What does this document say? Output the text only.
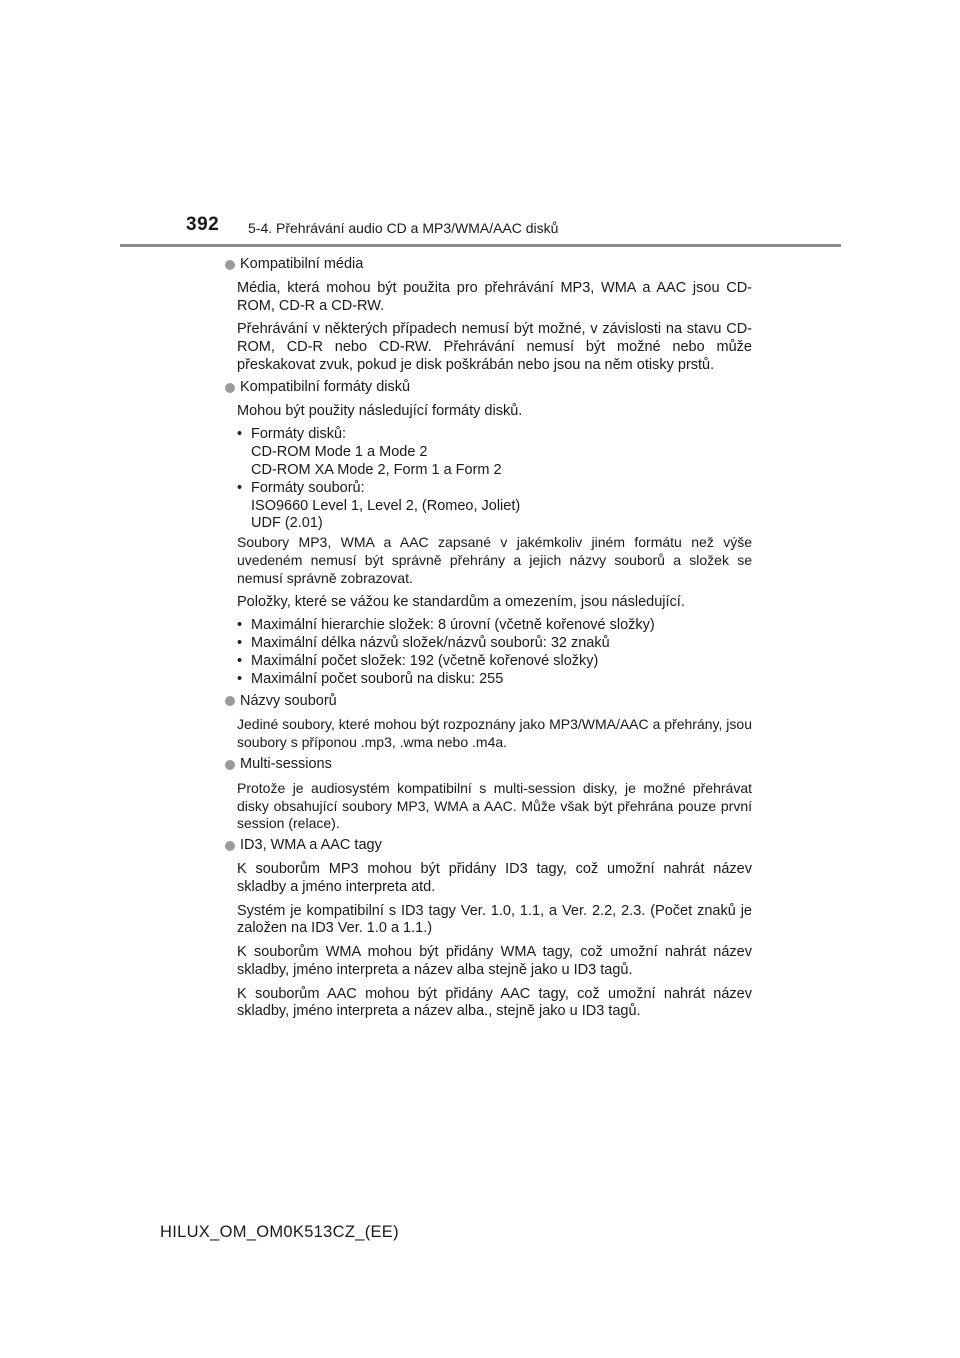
392 5-4. Přehrávání audio CD a MP3/WMA/AAC disků
Kompatibilní média
Média, která mohou být použita pro přehrávání MP3, WMA a AAC jsou CD-ROM, CD-R a CD-RW.
Přehrávání v některých případech nemusí být možné, v závislosti na stavu CD-ROM, CD-R nebo CD-RW. Přehrávání nemusí být možné nebo může přeskakovat zvuk, pokud je disk poškrábán nebo jsou na něm otisky prstů.
Kompatibilní formáty disků
Mohou být použity následující formáty disků.
• Formáty disků:
CD-ROM Mode 1 a Mode 2
CD-ROM XA Mode 2, Form 1 a Form 2
• Formáty souborů:
ISO9660 Level 1, Level 2, (Romeo, Joliet)
UDF (2.01)
Soubory MP3, WMA a AAC zapsané v jakémkoliv jiném formátu než výše uvedeném nemusí být správně přehrány a jejich názvy souborů a složek se nemusí správně zobrazovat.
Položky, které se vážou ke standardům a omezením, jsou následující.
• Maximální hierarchie složek: 8 úrovní (včetně kořenové složky)
• Maximální délka názvů složek/názvů souborů: 32 znaků
• Maximální počet složek: 192 (včetně kořenové složky)
• Maximální počet souborů na disku: 255
Názvy souborů
Jediné soubory, které mohou být rozpoznány jako MP3/WMA/AAC a přehrány, jsou soubory s příponou .mp3, .wma nebo .m4a.
Multi-sessions
Protože je audiosystém kompatibilní s multi-session disky, je možné přehrávat disky obsahující soubory MP3, WMA a AAC. Může však být přehrána pouze první session (relace).
ID3, WMA a AAC tagy
K souborům MP3 mohou být přidány ID3 tagy, což umožní nahrát název skladby a jméno interpreta atd.
Systém je kompatibilní s ID3 tagy Ver. 1.0, 1.1, a Ver. 2.2, 2.3. (Počet znaků je založen na ID3 Ver. 1.0 a 1.1.)
K souborům WMA mohou být přidány WMA tagy, což umožní nahrát název skladby, jméno interpreta a název alba stejně jako u ID3 tagů.
K souborům AAC mohou být přidány AAC tagy, což umožní nahrát název skladby, jméno interpreta a název alba., stejně jako u ID3 tagů.
HILUX_OM_OM0K513CZ_(EE)
